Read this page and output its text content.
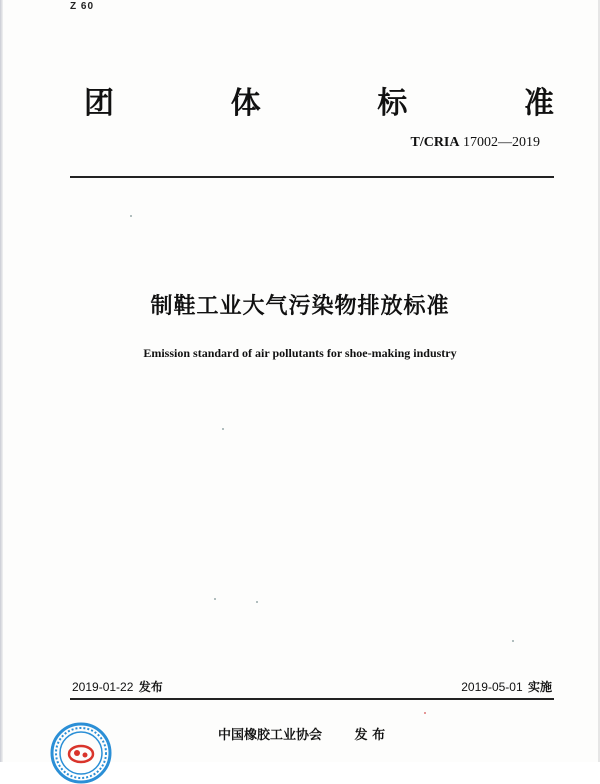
Z 60
团	体	标	准
T/CRIA 17002—2019
制鞋工业大气污染物排放标准
Emission standard of air pollutants for shoe-making industry
2019-01-22 发布	2019-05-01 实施
中国橡胶工业协会	发 布
